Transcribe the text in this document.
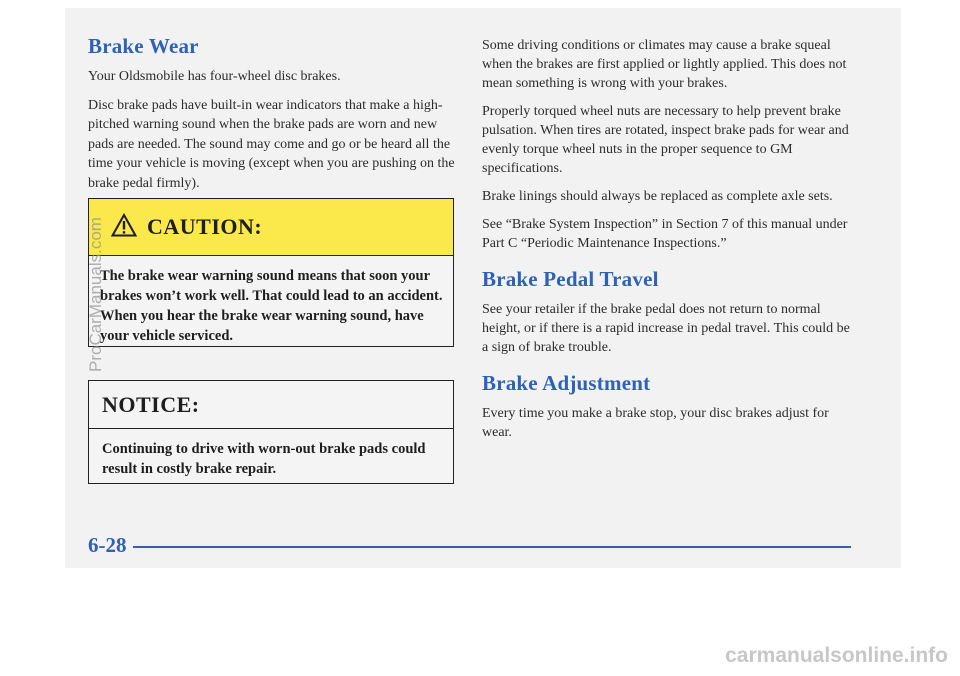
Brake Wear

Your Oldsmobile has four-wheel disc brakes.

Disc brake pads have built-in wear indicators that make a high-pitched warning sound when the brake pads are worn and new pads are needed. The sound may come and go or be heard all the time your vehicle is moving (except when you are pushing on the brake pedal firmly).

CAUTION:
The brake wear warning sound means that soon your brakes won’t work well. That could lead to an accident. When you hear the brake wear warning sound, have your vehicle serviced.
NOTICE:
Continuing to drive with worn-out brake pads could result in costly brake repair.

Some driving conditions or climates may cause a brake squeal when the brakes are first applied or lightly applied. This does not mean something is wrong with your brakes.

Properly torqued wheel nuts are necessary to help prevent brake pulsation. When tires are rotated, inspect brake pads for wear and evenly torque wheel nuts in the proper sequence to GM specifications.

Brake linings should always be replaced as complete axle sets.

See “Brake System Inspection” in Section 7 of this manual under Part C “Periodic Maintenance Inspections.”

Brake Pedal Travel

See your retailer if the brake pedal does not return to normal height, or if there is a rapid increase in pedal travel. This could be a sign of brake trouble.

Brake Adjustment

Every time you make a brake stop, your disc brakes adjust for wear.

6-28
ProCarManuals.com
carmanualsonline.info
